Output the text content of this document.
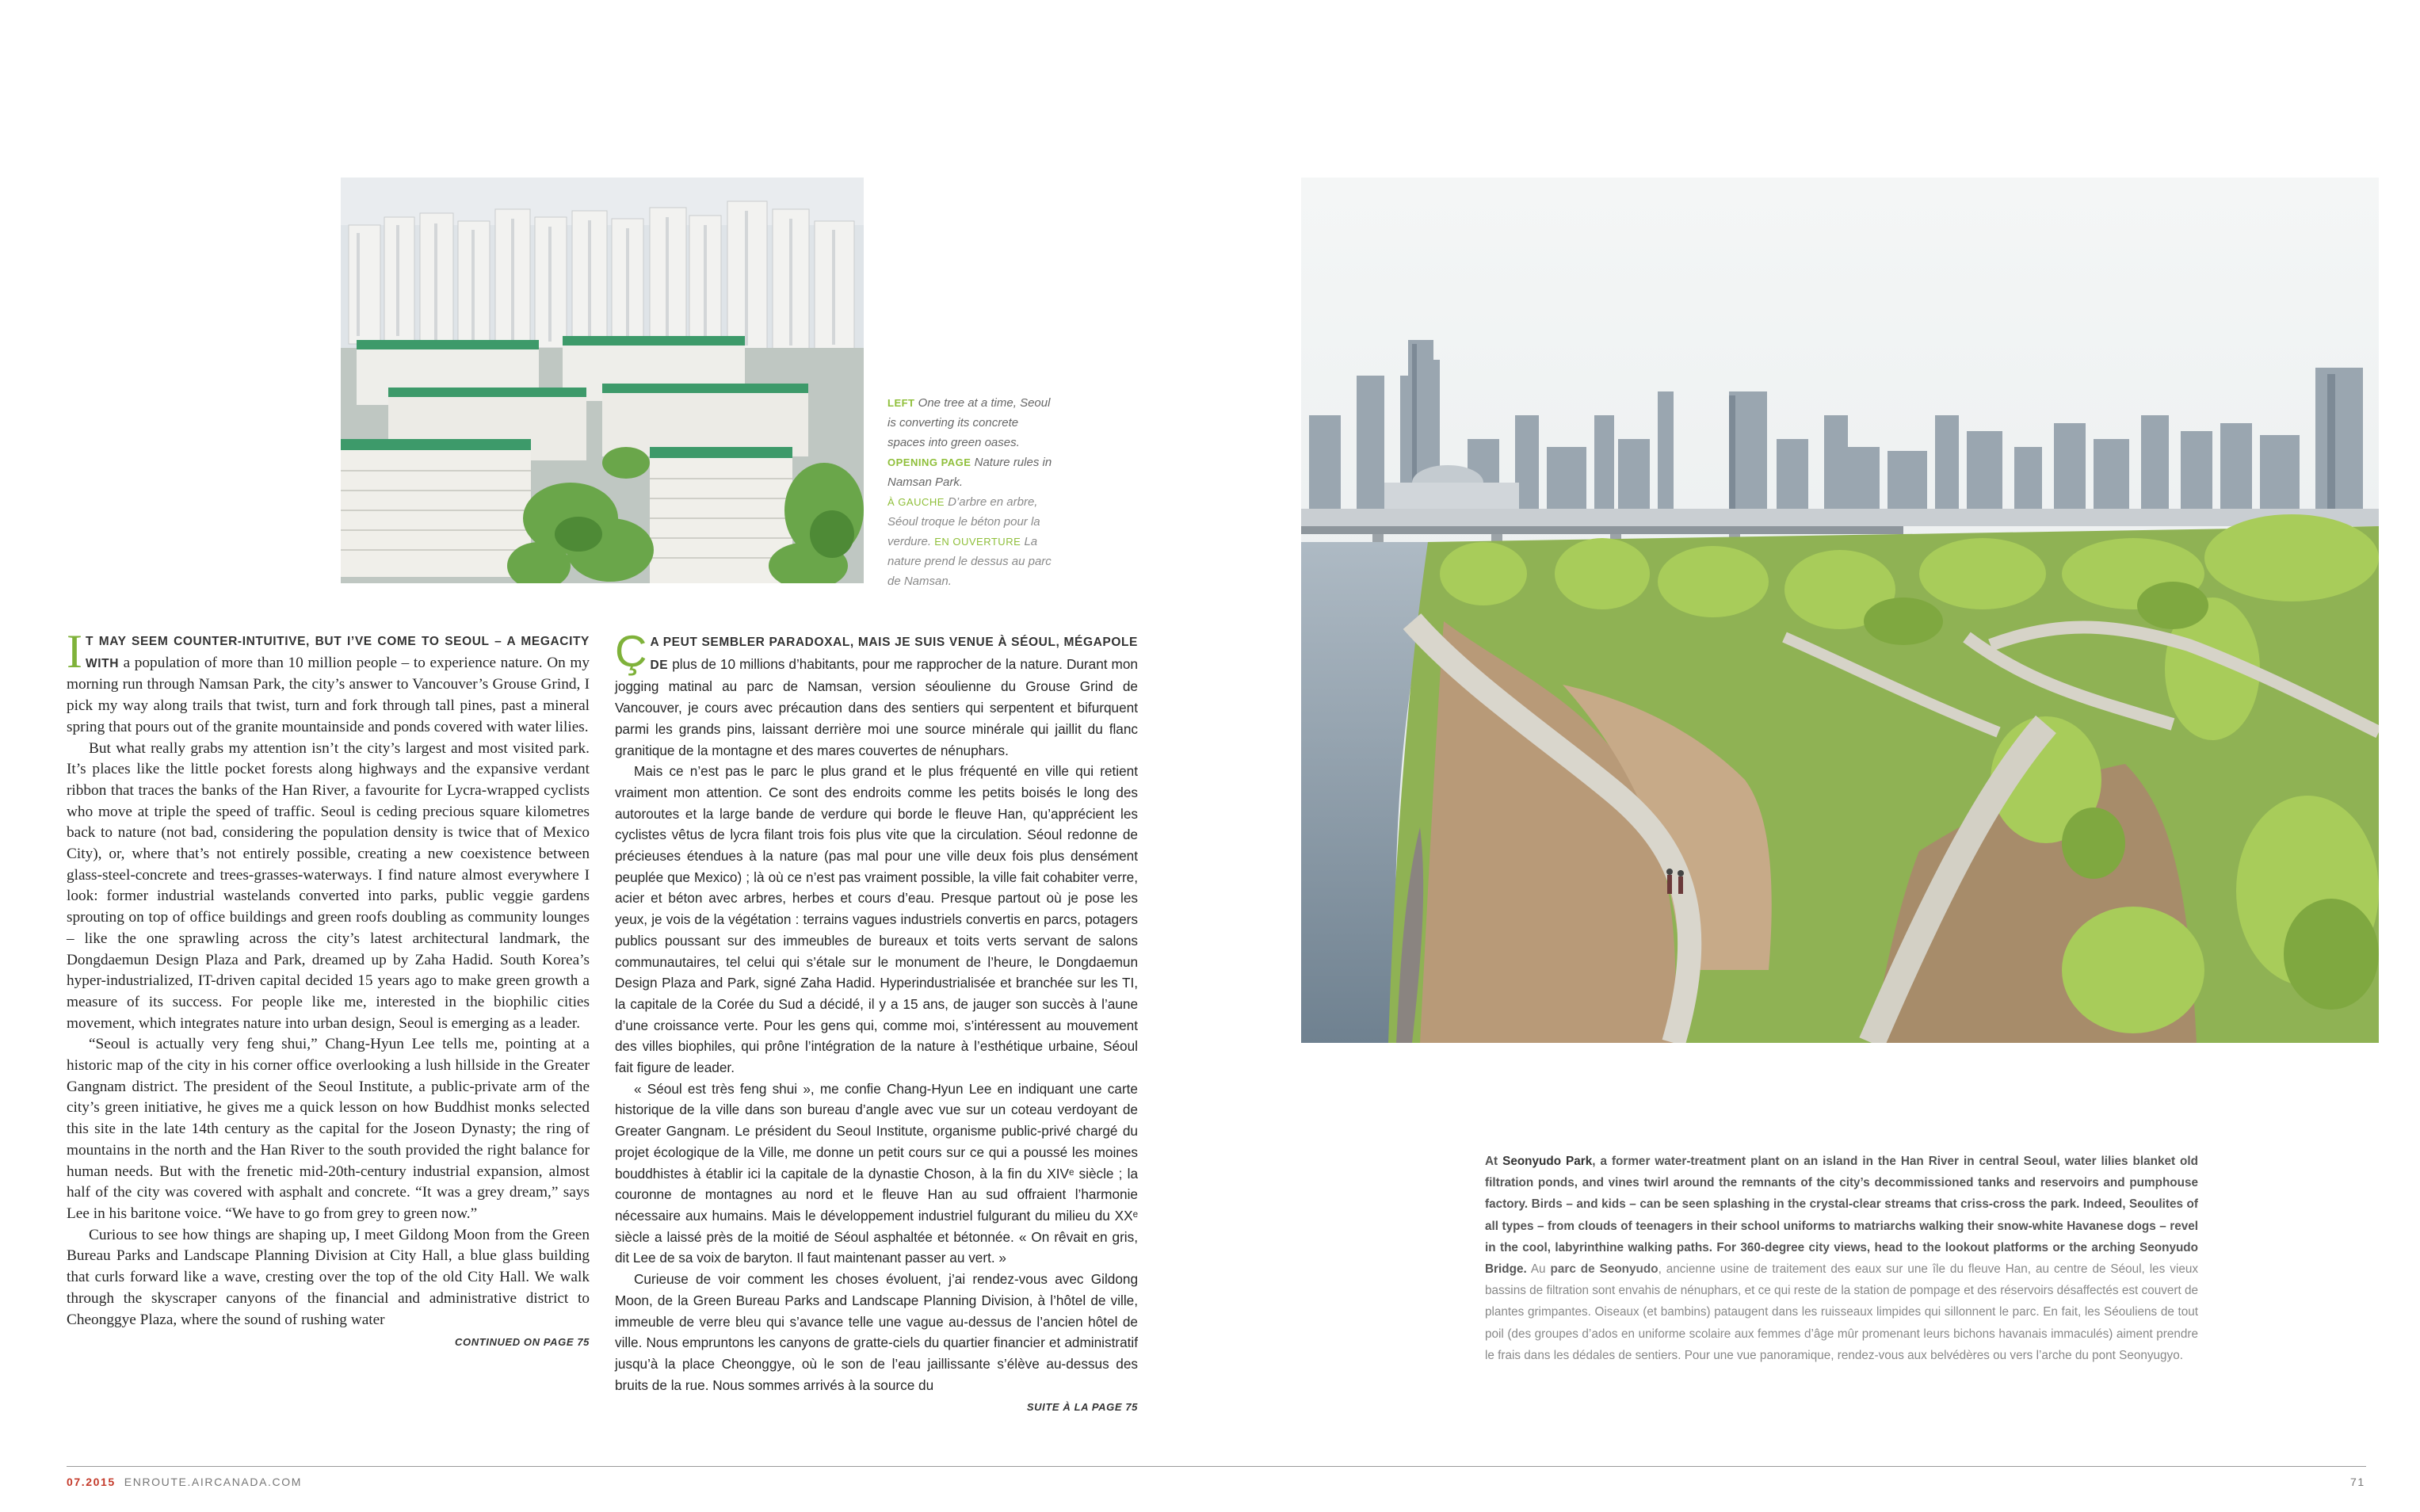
LEFT One tree at a time, Seoul is converting its concrete spaces into green oases. OPENING PAGE Nature rules in Namsan Park.

À GAUCHE D’arbre en arbre, Séoul troque le béton pour la verdure. EN OUVERTURE La nature prend le dessus au parc de Namsan.

I T MAY SEEM COUNTER-INTUITIVE, BUT I’VE COME TO SEOUL – A MEGACITY WITH a population of more than 10 million people – to experience nature. On my morning run through Namsan Park, the city’s answer to Vancouver’s Grouse Grind, I pick my way along trails that twist, turn and fork through tall pines, past a mineral spring that pours out of the granite mountainside and ponds covered with water lilies.

But what really grabs my attention isn’t the city’s largest and most visited park. It’s places like the little pocket forests along highways and the expansive verdant ribbon that traces the banks of the Han River, a favourite for Lycra-wrapped cyclists who move at triple the speed of traffic. Seoul is ceding precious square kilometres back to nature (not bad, considering the population density is twice that of Mexico City), or, where that’s not entirely possible, creating a new coexistence between glass-steel-concrete and trees-grasses-waterways. I find nature almost everywhere I look: former industrial wastelands converted into parks, public veggie gardens sprouting on top of office buildings and green roofs doubling as community lounges – like the one sprawling across the city’s latest architectural landmark, the Dongdaemun Design Plaza and Park, dreamed up by Zaha Hadid. South Korea’s hyper-industrialized, IT-driven capital decided 15 years ago to make green growth a measure of its success. For people like me, interested in the biophilic cities movement, which integrates nature into urban design, Seoul is emerging as a leader.

“Seoul is actually very feng shui,” Chang-Hyun Lee tells me, pointing at a historic map of the city in his corner office overlooking a lush hillside in the Greater Gangnam district. The president of the Seoul Institute, a public-private arm of the city’s green initiative, he gives me a quick lesson on how Buddhist monks selected this site in the late 14th century as the capital for the Joseon Dynasty; the ring of mountains in the north and the Han River to the south provided the right balance for human needs. But with the frenetic mid-20th-century industrial expansion, almost half of the city was covered with asphalt and concrete. “It was a grey dream,” says Lee in his baritone voice. “We have to go from grey to green now.”

Curious to see how things are shaping up, I meet Gildong Moon from the Green Bureau Parks and Landscape Planning Division at City Hall, a blue glass building that curls forward like a wave, cresting over the top of the old City Hall. We walk through the skyscraper canyons of the financial and administrative district to Cheonggye Plaza, where the sound of rushing water

CONTINUED ON PAGE 75

Ç A PEUT SEMBLER PARADOXAL, MAIS JE SUIS VENUE À SÉOUL, MÉGAPOLE DE plus de 10 millions d’habitants, pour me rapprocher de la nature. Durant mon jogging matinal au parc de Namsan, version séoulienne du Grouse Grind de Vancouver, je cours avec précaution dans des sentiers qui serpentent et bifurquent parmi les grands pins, laissant derrière moi une source minérale qui jaillit du flanc granitique de la montagne et des mares couvertes de nénuphars.

Mais ce n’est pas le parc le plus grand et le plus fréquenté en ville qui retient vraiment mon attention. Ce sont des endroits comme les petits boisés le long des autoroutes et la large bande de verdure qui borde le fleuve Han, qu’apprécient les cyclistes vêtus de lycra filant trois fois plus vite que la circulation. Séoul redonne de précieuses étendues à la nature (pas mal pour une ville deux fois plus densément peuplée que Mexico) ; là où ce n’est pas vraiment possible, la ville fait cohabiter verre, acier et béton avec arbres, herbes et cours d’eau. Presque partout où je pose les yeux, je vois de la végétation : terrains vagues industriels convertis en parcs, potagers publics poussant sur des immeubles de bureaux et toits verts servant de salons communautaires, tel celui qui s’étale sur le monument de l’heure, le Dongdaemun Design Plaza and Park, signé Zaha Hadid. Hyperindustrialisée et branchée sur les TI, la capitale de la Corée du Sud a décidé, il y a 15 ans, de jauger son succès à l’aune d’une croissance verte. Pour les gens qui, comme moi, s’intéressent au mouvement des villes biophiles, qui prône l’intégration de la nature à l’esthétique urbaine, Séoul fait figure de leader.

« Séoul est très feng shui », me confie Chang-Hyun Lee en indiquant une carte historique de la ville dans son bureau d’angle avec vue sur un coteau verdoyant de Greater Gangnam. Le président du Seoul Institute, organisme public-privé chargé du projet écologique de la Ville, me donne un petit cours sur ce qui a poussé les moines bouddhistes à établir ici la capitale de la dynastie Choson, à la fin du XIVᵉ siècle ; la couronne de montagnes au nord et le fleuve Han au sud offraient l’harmonie nécessaire aux humains. Mais le développement industriel fulgurant du milieu du XXᵉ siècle a laissé près de la moitié de Séoul asphaltée et bétonnée. « On rêvait en gris, dit Lee de sa voix de baryton. Il faut maintenant passer au vert. »

Curieuse de voir comment les choses évoluent, j’ai rendez-vous avec Gildong Moon, de la Green Bureau Parks and Landscape Planning Division, à l’hôtel de ville, immeuble de verre bleu qui s’avance telle une vague au-dessus de l’ancien hôtel de ville. Nous empruntons les canyons de gratte-ciels du quartier financier et administratif jusqu’à la place Cheonggye, où le son de l’eau jaillissante s’élève au-dessus des bruits de la rue. Nous sommes arrivés à la source du

SUITE À LA PAGE 75
At Seonyudo Park, a former water-treatment plant on an island in the Han River in central Seoul, water lilies blanket old filtration ponds, and vines twirl around the remnants of the city’s decommissioned tanks and reservoirs and pumphouse factory. Birds – and kids – can be seen splashing in the crystal-clear streams that criss-cross the park. Indeed, Seoulites of all types – from clouds of teenagers in their school uniforms to matriarchs walking their snow-white Havanese dogs – revel in the cool, labyrinthine walking paths. For 360-degree city views, head to the lookout platforms or the arching Seonyudo Bridge. Au parc de Seonyudo, ancienne usine de traitement des eaux sur une île du fleuve Han, au centre de Séoul, les vieux bassins de filtration sont envahis de nénuphars, et ce qui reste de la station de pompage et des réservoirs désaffectés est couvert de plantes grimpantes. Oiseaux (et bambins) pataugent dans les ruisseaux limpides qui sillonnent le parc. En fait, les Séouliens de tout poil (des groupes d’ados en uniforme scolaire aux femmes d’âge mûr promenant leurs bichons havanais immaculés) aiment prendre le frais dans les dédales de sentiers. Pour une vue panoramique, rendez-vous aux belvédères ou vers l’arche du pont Seonyugyo.
07.2015 ENROUTE.AIRCANADA.COM	71
